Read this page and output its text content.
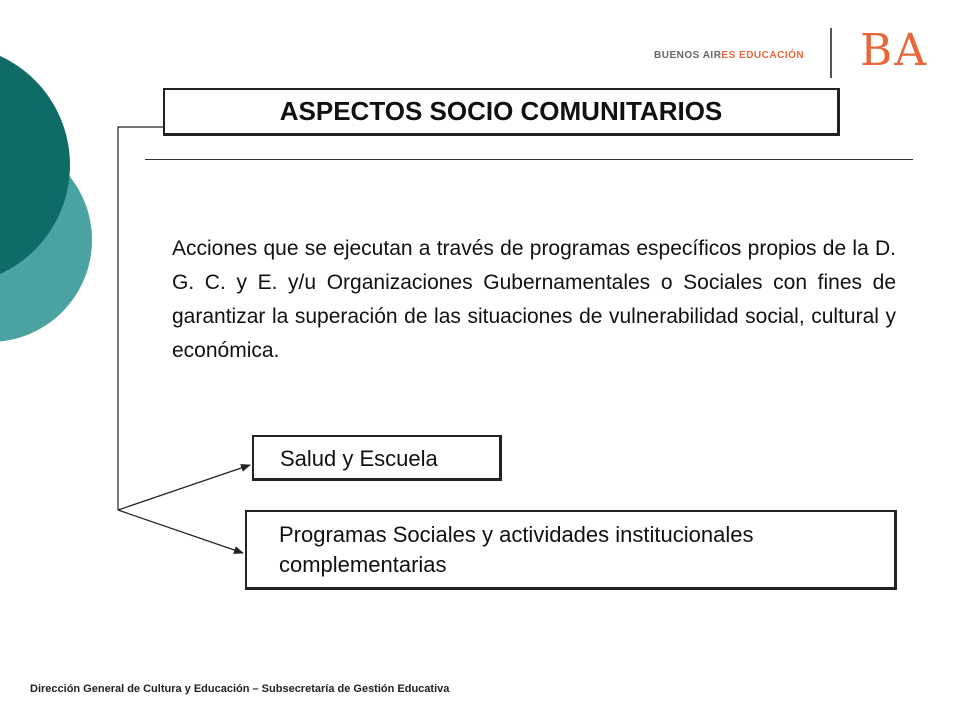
BUENOS AIRES EDUCACIÓN BA
ASPECTOS SOCIO COMUNITARIOS

Acciones que se ejecutan a través de programas específicos propios de la D. G. C. y E. y/u Organizaciones Gubernamentales o Sociales con fines de garantizar la superación de las situaciones de vulnerabilidad social, cultural y económica.

Salud y Escuela

Programas Sociales y actividades institucionales complementarias

Dirección General de Cultura y Educación – Subsecretaría de Gestión Educativa
